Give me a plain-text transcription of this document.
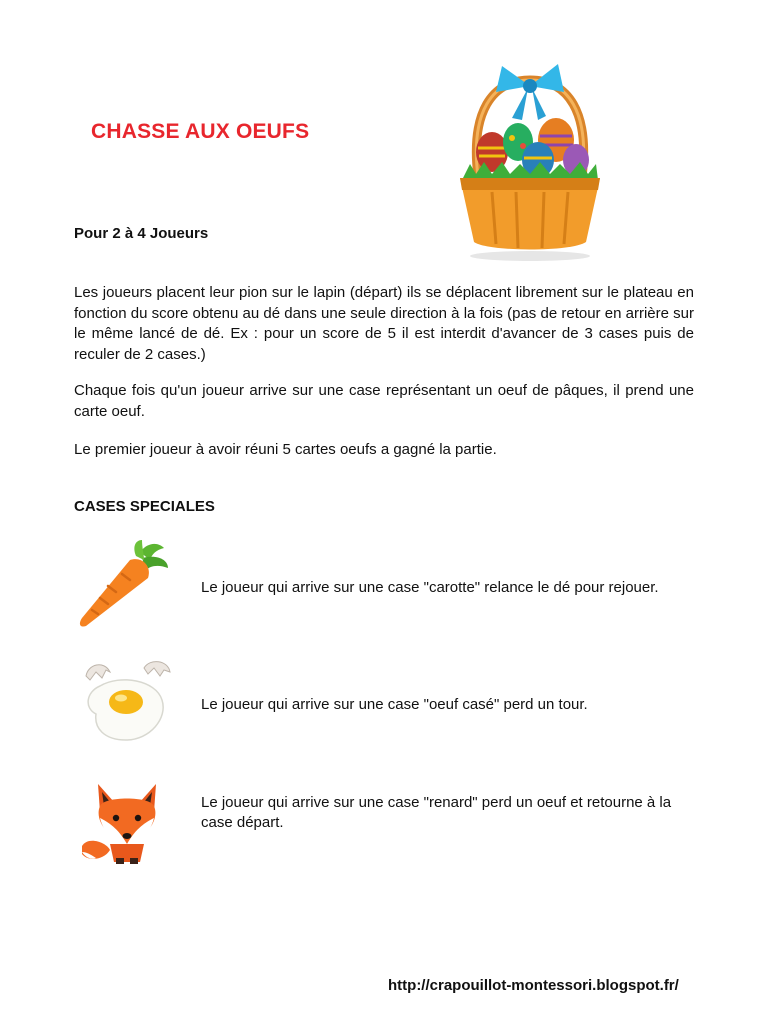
CHASSE AUX OEUFS
Pour 2 à 4 Joueurs

Les joueurs placent leur pion sur le lapin (départ) ils se déplacent librement sur le plateau en fonction du score obtenu au dé dans une seule direction à la fois (pas de retour en arrière sur le même lancé de dé. Ex : pour un score de 5 il est interdit d'avancer de 3 cases puis de reculer de 2 cases.)

Chaque fois qu'un joueur arrive sur une case représentant un oeuf de pâques, il prend une carte oeuf.

Le premier joueur à avoir réuni 5 cartes oeufs a gagné la partie.

CASES SPECIALES

Le joueur qui arrive sur une case "carotte" relance le dé pour rejouer.

Le joueur qui arrive sur une case "oeuf casé" perd un tour.

Le joueur qui arrive sur une case "renard" perd un oeuf et retourne à la case départ.

http://crapouillot-montessori.blogspot.fr/
